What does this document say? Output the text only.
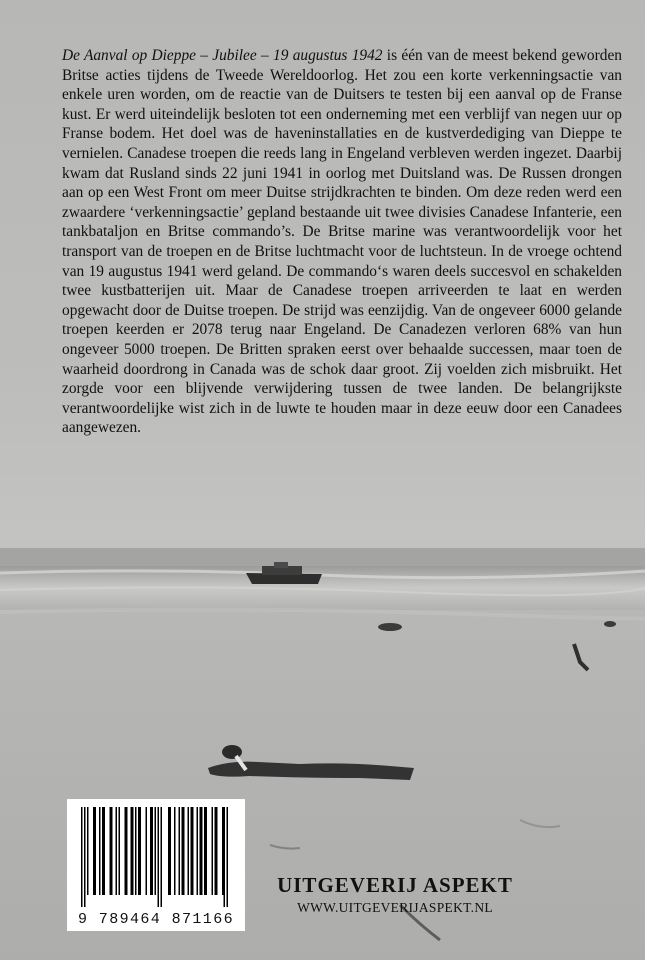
De Aanval op Dieppe – Jubilee – 19 augustus 1942 is één van de meest bekend geworden Britse acties tijdens de Tweede Wereldoorlog. Het zou een korte verkenningsactie van enkele uren worden, om de reactie van de Duitsers te testen bij een aanval op de Franse kust. Er werd uiteindelijk besloten tot een onderneming met een verblijf van negen uur op Franse bodem. Het doel was de haveninstallaties en de kustverdediging van Dieppe te vernielen. Canadese troepen die reeds lang in Engeland verbleven werden ingezet. Daarbij kwam dat Rusland sinds 22 juni 1941 in oorlog met Duitsland was. De Russen drongen aan op een West Front om meer Duitse strijdkrachten te binden. Om deze reden werd een zwaardere ‘verkenningsactie’ gepland bestaande uit twee divisies Canadese Infanterie, een tankbataljon en Britse commando’s. De Britse marine was verantwoordelijk voor het transport van de troepen en de Britse luchtmacht voor de luchtsteun. In de vroege ochtend van 19 augustus 1941 werd geland. De commando‘s waren deels succesvol en schakelden twee kustbatterijen uit. Maar de Canadese troepen arriveerden te laat en werden opgewacht door de Duitse troepen. De strijd was eenzijdig. Van de ongeveer 6000 gelande troepen keerden er 2078 terug naar Engeland. De Canadezen verloren 68% van hun ongeveer 5000 troepen. De Britten spraken eerst over behaalde successen, maar toen de waarheid doordrong in Canada was de schok daar groot. Zij voelden zich misbruikt. Het zorgde voor een blijvende verwijdering tussen de twee landen. De belangrijkste verantwoordelijke wist zich in de luwte te houden maar in deze eeuw door een Canadees aangewezen.

9 789464 871166
UITGEVERIJ ASPEKT
WWW.UITGEVERIJASPEKT.NL
